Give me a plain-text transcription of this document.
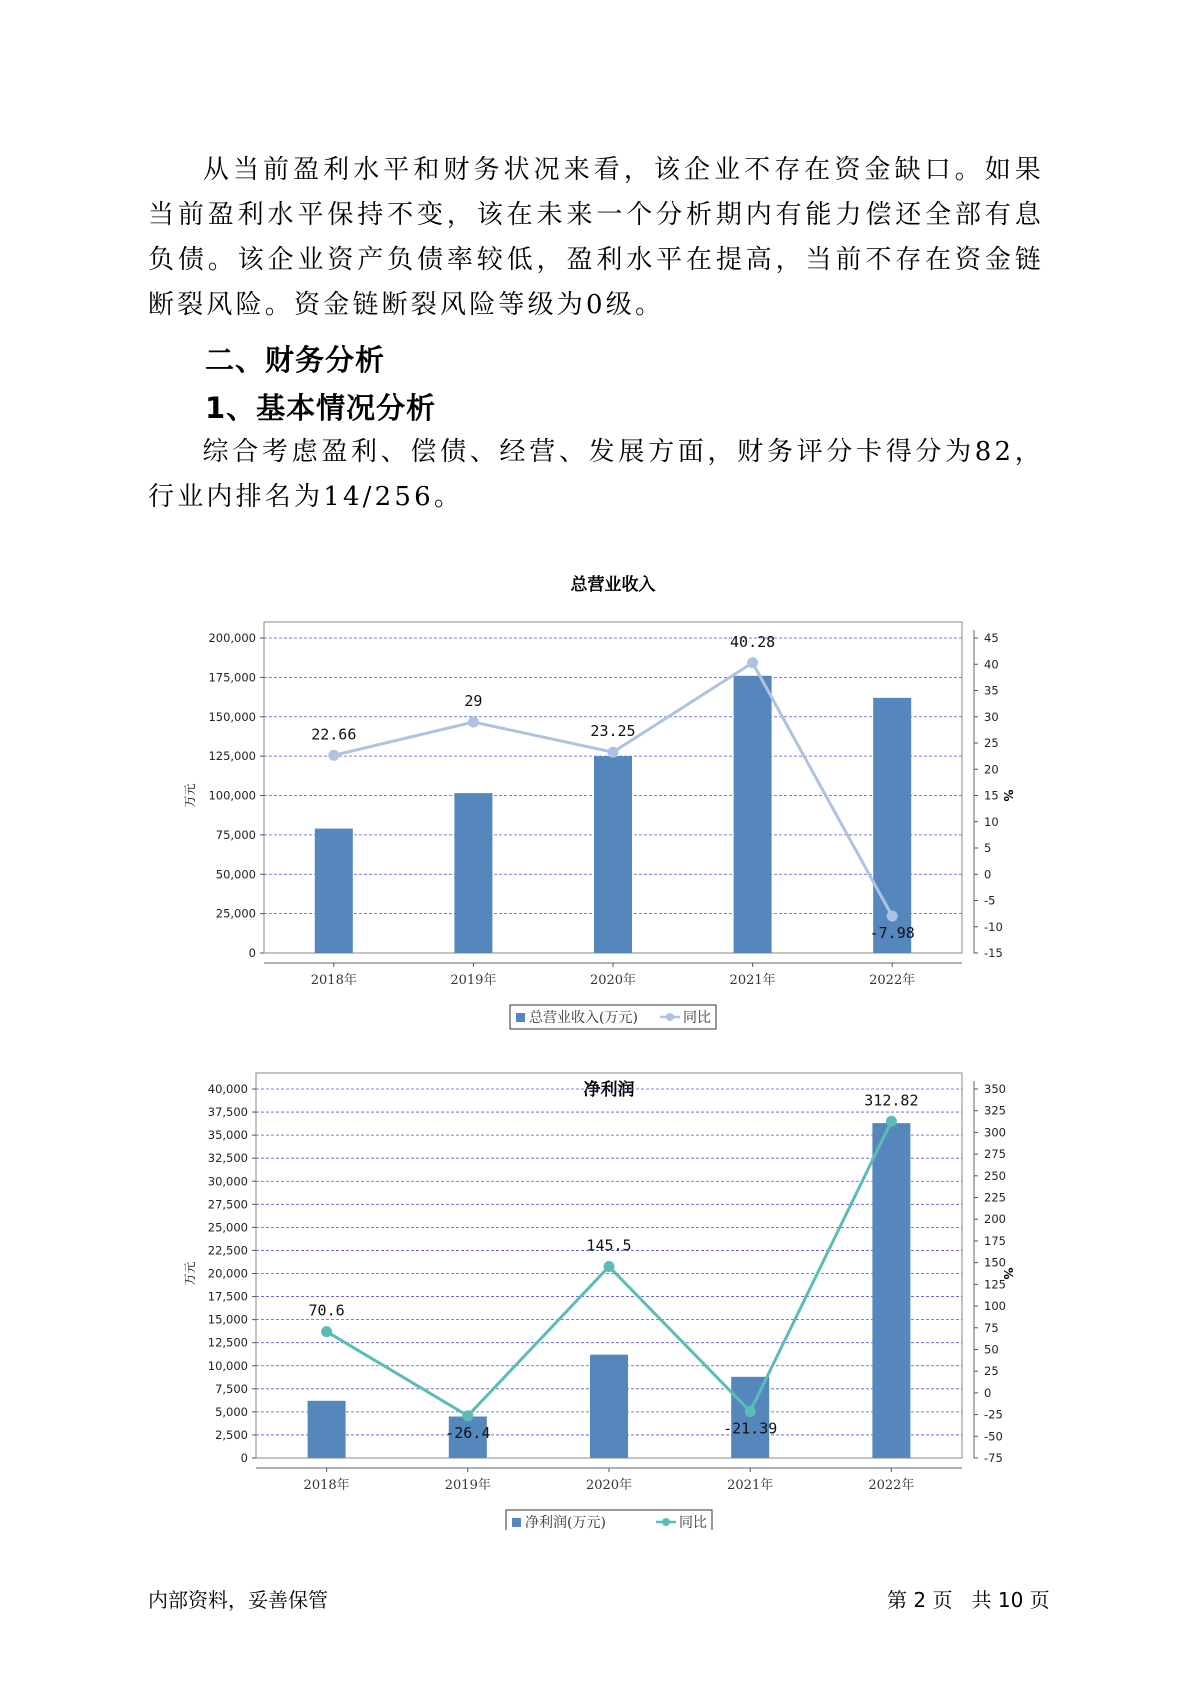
从当前盈利水平和财务状况来看，该企业不存在资金缺口。如果当前盈利水平保持不变，该在未来一个分析期内有能力偿还全部有息负债。该企业资产负债率较低，盈利水平在提高，当前不存在资金链断裂风险。资金链断裂风险等级为0级。

二、财务分析
1、基本情况分析

综合考虑盈利、偿债、经营、发展方面，财务评分卡得分为82，行业内排名为14/256。

总营业收入
0
25,000
50,000
75,000
100,000
125,000
150,000
175,000
200,000
-15
-10
-5
0
5
10
15
20
25
30
35
40
45
万元	%
2018年	2019年	2020年	2021年	2022年
22.66
29
23.25
40.28
-7.98
总营业收入(万元)	同比
净利润
0
2,500
5,000
7,500
10,000
12,500
15,000
17,500
20,000
22,500
25,000
27,500
30,000
32,500
35,000
37,500
40,000
-75
-50
-25
0
25
50
75
100
125
150
175
200
225
250
275
300
325
350
万元	%
2018年	2019年	2020年	2021年	2022年
70.6
-26.4
145.5
-21.39
312.82
净利润(万元)	同比
内部资料，妥善保管	第 2 页   共 10 页
